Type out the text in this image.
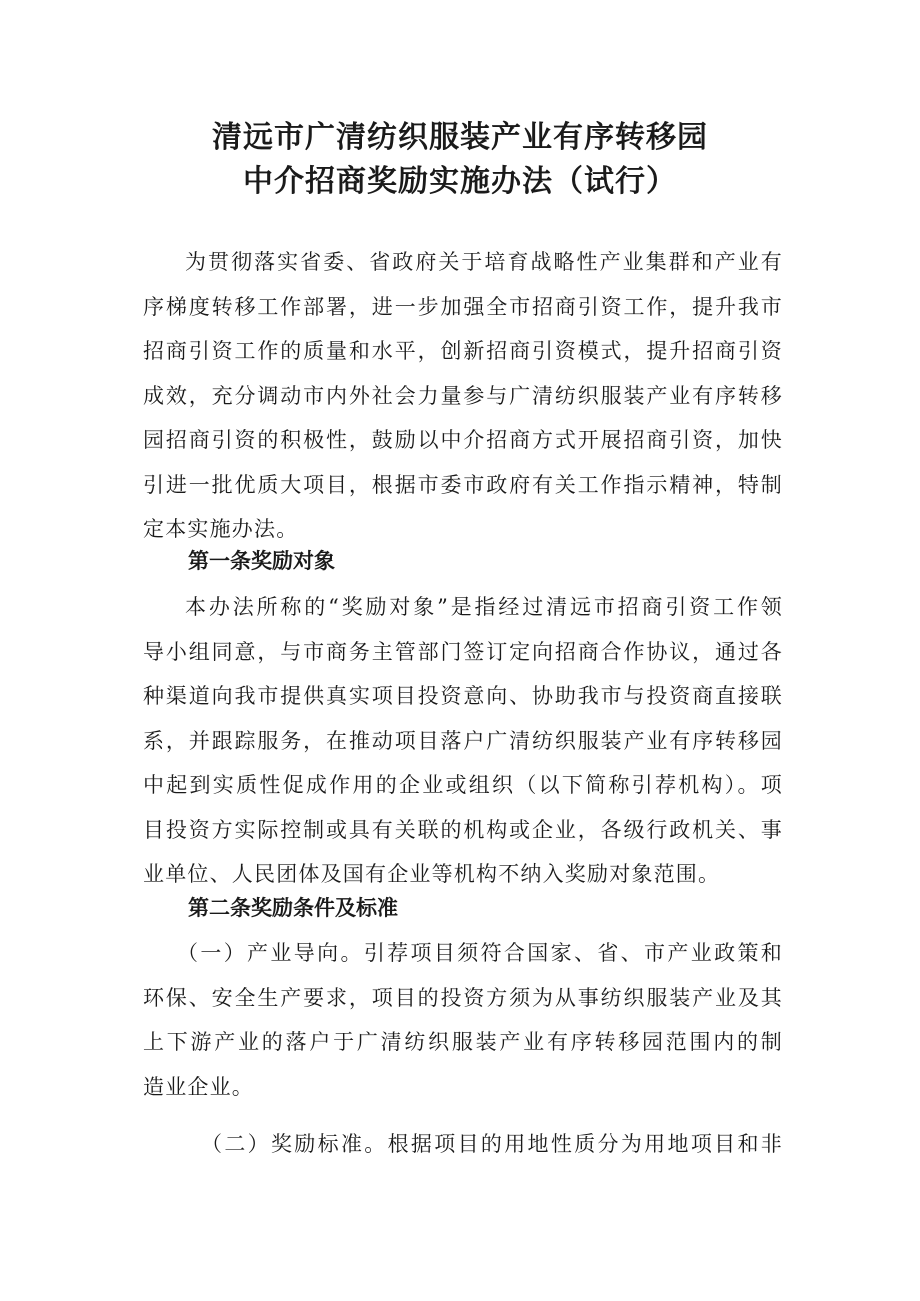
清远市广清纺织服装产业有序转移园
中介招商奖励实施办法（试行）
为贯彻落实省委、省政府关于培育战略性产业集群和产业有
序梯度转移工作部署，进一步加强全市招商引资工作，提升我市
招商引资工作的质量和水平，创新招商引资模式，提升招商引资
成效，充分调动市内外社会力量参与广清纺织服装产业有序转移
园招商引资的积极性，鼓励以中介招商方式开展招商引资，加快
引进一批优质大项目，根据市委市政府有关工作指示精神，特制
定本实施办法。
第一条奖励对象
本办法所称的“奖励对象”是指经过清远市招商引资工作领
导小组同意，与市商务主管部门签订定向招商合作协议，通过各
种渠道向我市提供真实项目投资意向、协助我市与投资商直接联
系，并跟踪服务，在推动项目落户广清纺织服装产业有序转移园
中起到实质性促成作用的企业或组织（以下简称引荐机构）。项
目投资方实际控制或具有关联的机构或企业，各级行政机关、事
业单位、人民团体及国有企业等机构不纳入奖励对象范围。
第二条奖励条件及标准
（一）产业导向。引荐项目须符合国家、省、市产业政策和
环保、安全生产要求，项目的投资方须为从事纺织服装产业及其
上下游产业的落户于广清纺织服装产业有序转移园范围内的制
造业企业。
（二）奖励标准。根据项目的用地性质分为用地项目和非
